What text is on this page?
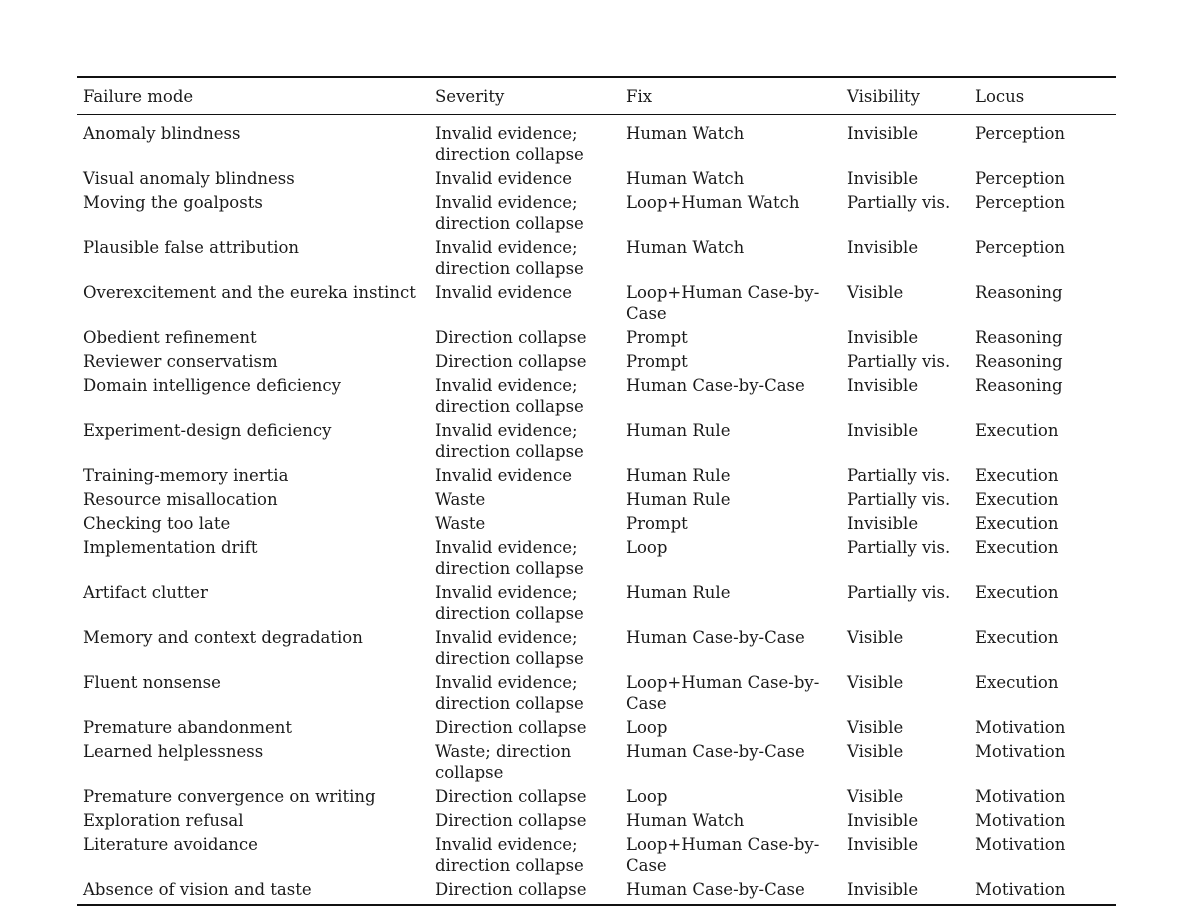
Failure mode	Severity	Fix	Visibility	Locus
Anomaly blindness	Invalid evidence; direction collapse	Human Watch	Invisible	Perception
Visual anomaly blindness	Invalid evidence	Human Watch	Invisible	Perception
Moving the goalposts	Invalid evidence; direction collapse	Loop+Human Watch	Partially vis.	Perception
Plausible false attribution	Invalid evidence; direction collapse	Human Watch	Invisible	Perception
Overexcitement and the eureka instinct	Invalid evidence	Loop+Human Case-by-Case	Visible	Reasoning
Obedient refinement	Direction collapse	Prompt	Invisible	Reasoning
Reviewer conservatism	Direction collapse	Prompt	Partially vis.	Reasoning
Domain intelligence deficiency	Invalid evidence; direction collapse	Human Case-by-Case	Invisible	Reasoning
Experiment-design deficiency	Invalid evidence; direction collapse	Human Rule	Invisible	Execution
Training-memory inertia	Invalid evidence	Human Rule	Partially vis.	Execution
Resource misallocation	Waste	Human Rule	Partially vis.	Execution
Checking too late	Waste	Prompt	Invisible	Execution
Implementation drift	Invalid evidence; direction collapse	Loop	Partially vis.	Execution
Artifact clutter	Invalid evidence; direction collapse	Human Rule	Partially vis.	Execution
Memory and context degradation	Invalid evidence; direction collapse	Human Case-by-Case	Visible	Execution
Fluent nonsense	Invalid evidence; direction collapse	Loop+Human Case-by-Case	Visible	Execution
Premature abandonment	Direction collapse	Loop	Visible	Motivation
Learned helplessness	Waste; direction collapse	Human Case-by-Case	Visible	Motivation
Premature convergence on writing	Direction collapse	Loop	Visible	Motivation
Exploration refusal	Direction collapse	Human Watch	Invisible	Motivation
Literature avoidance	Invalid evidence; direction collapse	Loop+Human Case-by-Case	Invisible	Motivation
Absence of vision and taste	Direction collapse	Human Case-by-Case	Invisible	Motivation
